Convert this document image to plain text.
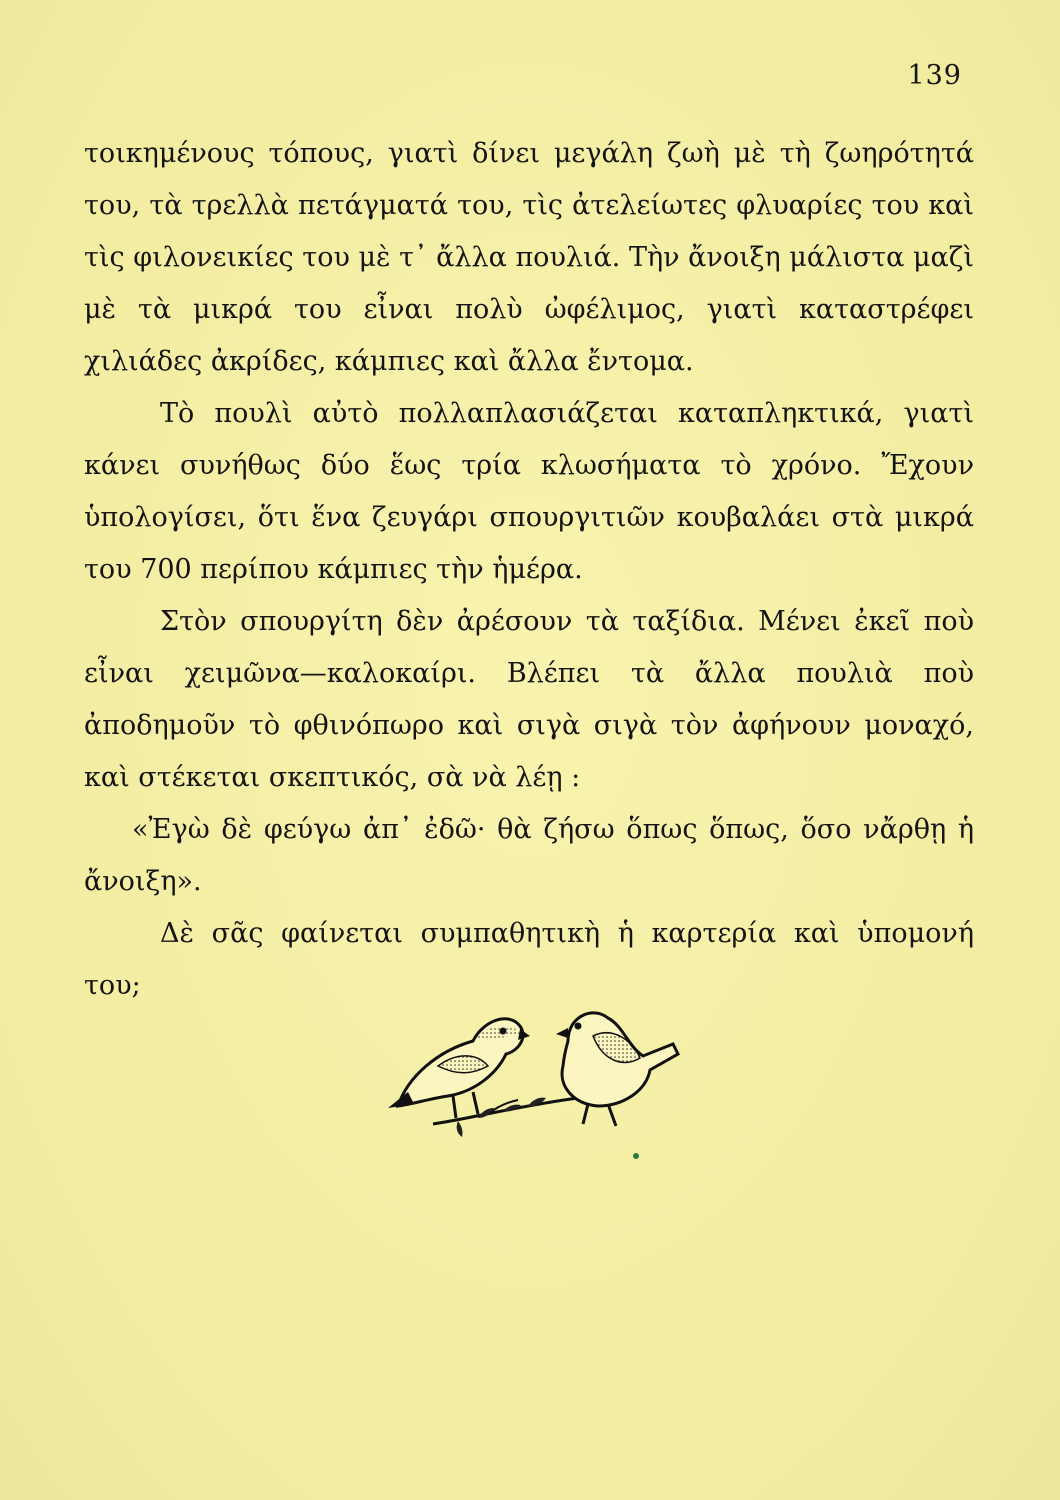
139

τοικημένους τόπους, γιατὶ δίνει μεγάλη ζωὴ μὲ τὴ ζωηρότητά του, τὰ τρελλὰ πετάγματά του, τὶς ἀτελείωτες φλυαρίες του καὶ τὶς φιλονεικίες του μὲ τ᾽ ἄλλα πουλιά. Τὴν ἄνοιξη μάλιστα μαζὶ μὲ τὰ μικρά του εἶναι πολὺ ὠφέλιμος, γιατὶ καταστρέφει χιλιάδες ἀκρίδες, κάμπιες καὶ ἄλλα ἔντομα.

Τὸ πουλὶ αὐτὸ πολλαπλασιάζεται καταπληκτικά, γιατὶ κάνει συνήθως δύο ἕως τρία κλωσήματα τὸ χρόνο. Ἔχουν ὑπολογίσει, ὅτι ἕνα ζευγάρι σπουργιτιῶν κουβαλάει στὰ μικρά του 700 περίπου κάμπιες τὴν ἡμέρα.

Στὸν σπουργίτη δὲν ἀρέσουν τὰ ταξίδια. Μένει ἐκεῖ ποὺ εἶναι χειμῶνα—καλοκαίρι. Βλέπει τὰ ἄλλα πουλιὰ ποὺ ἀποδημοῦν τὸ φθινόπωρο καὶ σιγὰ σιγὰ τὸν ἀφήνουν μοναχό, καὶ στέκεται σκεπτικός, σὰ νὰ λέῃ :

«Ἐγὼ δὲ φεύγω ἀπ᾽ ἐδῶ· θὰ ζήσω ὅπως ὅπως, ὅσο νἄρθῃ ἡ ἄνοιξη».

Δὲ σᾶς φαίνεται συμπαθητικὴ ἡ καρτερία καὶ ὑπομονή του;
